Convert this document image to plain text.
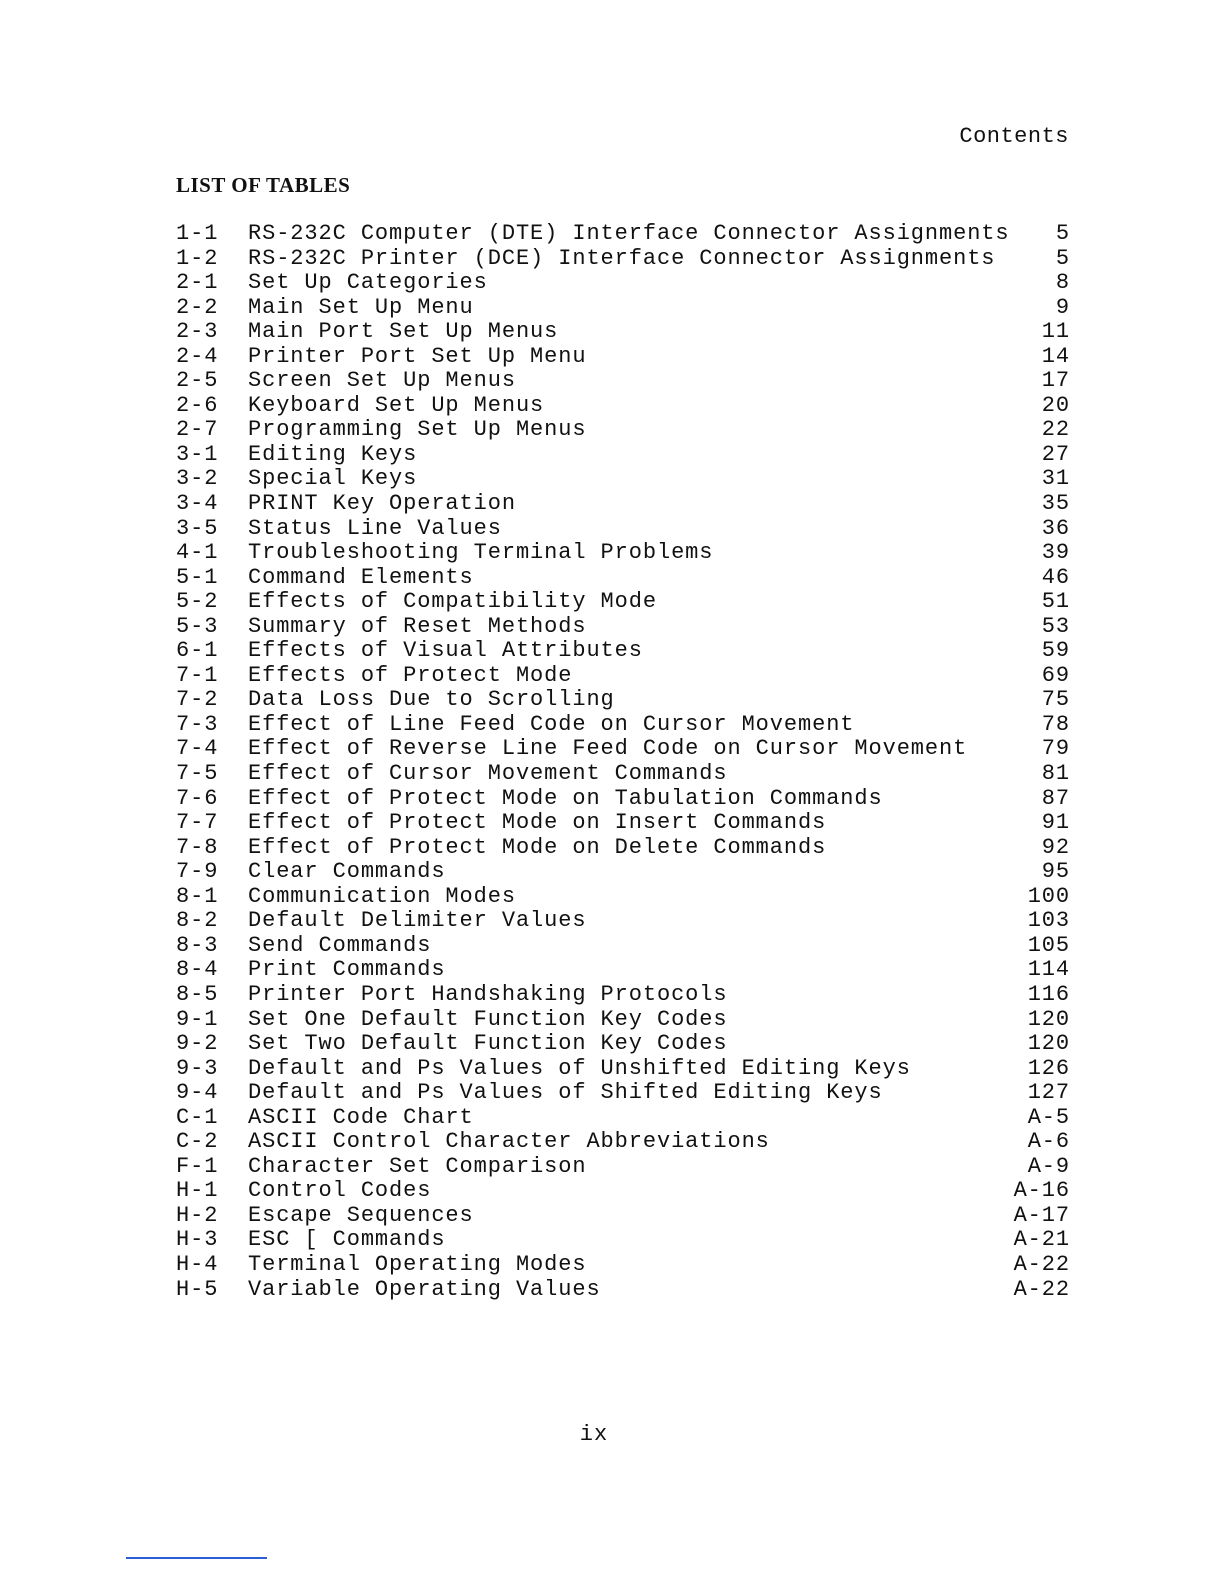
Contents
LIST OF TABLES
1-1	RS-232C Computer (DTE) Interface Connector Assignments	5
1-2	RS-232C Printer (DCE) Interface Connector Assignments	5
2-1	Set Up Categories	8
2-2	Main Set Up Menu	9
2-3	Main Port Set Up Menus	11
2-4	Printer Port Set Up Menu	14
2-5	Screen Set Up Menus	17
2-6	Keyboard Set Up Menus	20
2-7	Programming Set Up Menus	22
3-1	Editing Keys	27
3-2	Special Keys	31
3-4	PRINT Key Operation	35
3-5	Status Line Values	36
4-1	Troubleshooting Terminal Problems	39
5-1	Command Elements	46
5-2	Effects of Compatibility Mode	51
5-3	Summary of Reset Methods	53
6-1	Effects of Visual Attributes	59
7-1	Effects of Protect Mode	69
7-2	Data Loss Due to Scrolling	75
7-3	Effect of Line Feed Code on Cursor Movement	78
7-4	Effect of Reverse Line Feed Code on Cursor Movement	79
7-5	Effect of Cursor Movement Commands	81
7-6	Effect of Protect Mode on Tabulation Commands	87
7-7	Effect of Protect Mode on Insert Commands	91
7-8	Effect of Protect Mode on Delete Commands	92
7-9	Clear Commands	95
8-1	Communication Modes	100
8-2	Default Delimiter Values	103
8-3	Send Commands	105
8-4	Print Commands	114
8-5	Printer Port Handshaking Protocols	116
9-1	Set One Default Function Key Codes	120
9-2	Set Two Default Function Key Codes	120
9-3	Default and Ps Values of Unshifted Editing Keys	126
9-4	Default and Ps Values of Shifted Editing Keys	127
C-1	ASCII Code Chart	A-5
C-2	ASCII Control Character Abbreviations	A-6
F-1	Character Set Comparison	A-9
H-1	Control Codes	A-16
H-2	Escape Sequences	A-17
H-3	ESC [ Commands	A-21
H-4	Terminal Operating Modes	A-22
H-5	Variable Operating Values	A-22
ix
